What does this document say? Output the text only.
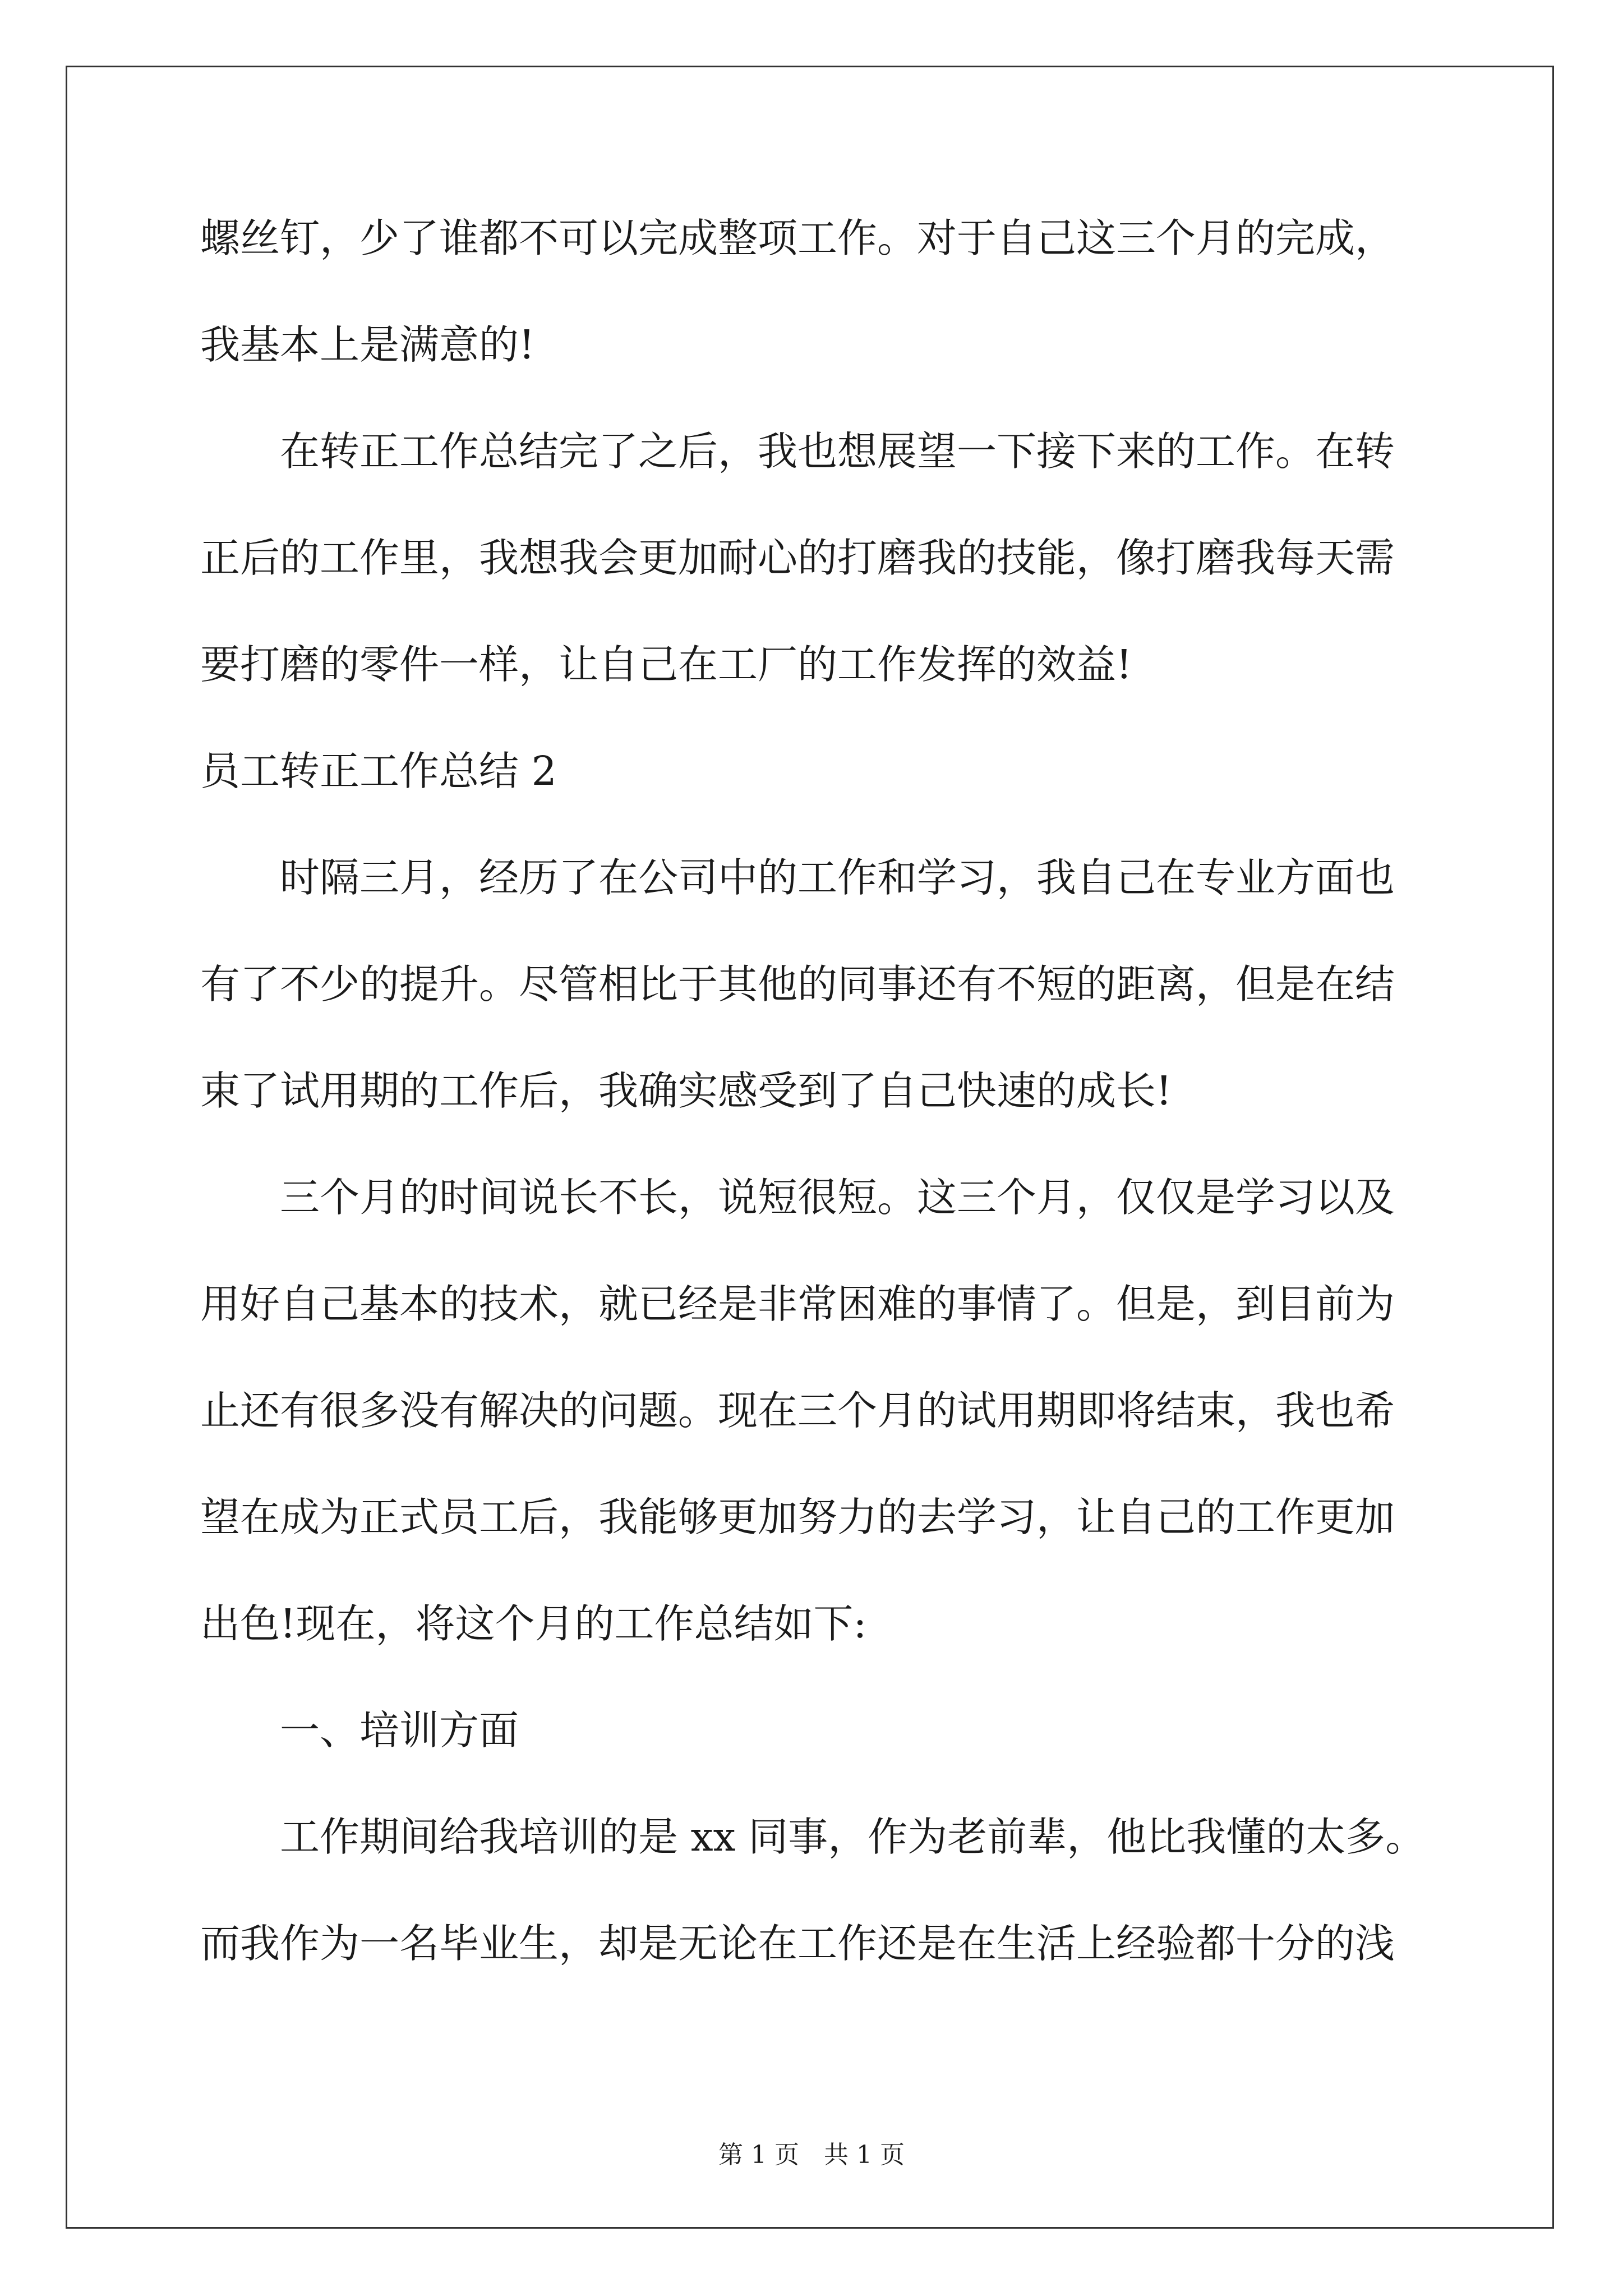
螺丝钉，少了谁都不可以完成整项工作。对于自己这三个月的完成，
我基本上是满意的!
在转正工作总结完了之后，我也想展望一下接下来的工作。在转
正后的工作里，我想我会更加耐心的打磨我的技能，像打磨我每天需
要打磨的零件一样，让自己在工厂的工作发挥的效益!
员工转正工作总结 2
时隔三月，经历了在公司中的工作和学习，我自己在专业方面也
有了不少的提升。尽管相比于其他的同事还有不短的距离，但是在结
束了试用期的工作后，我确实感受到了自己快速的成长!
三个月的时间说长不长，说短很短。这三个月，仅仅是学习以及
用好自己基本的技术，就已经是非常困难的事情了。但是，到目前为
止还有很多没有解决的问题。现在三个月的试用期即将结束，我也希
望在成为正式员工后，我能够更加努力的去学习，让自己的工作更加
出色!现在，将这个月的工作总结如下:
一、培训方面
工作期间给我培训的是 xx 同事，作为老前辈，他比我懂的太多。
而我作为一名毕业生，却是无论在工作还是在生活上经验都十分的浅
第 1 页　共 1 页
